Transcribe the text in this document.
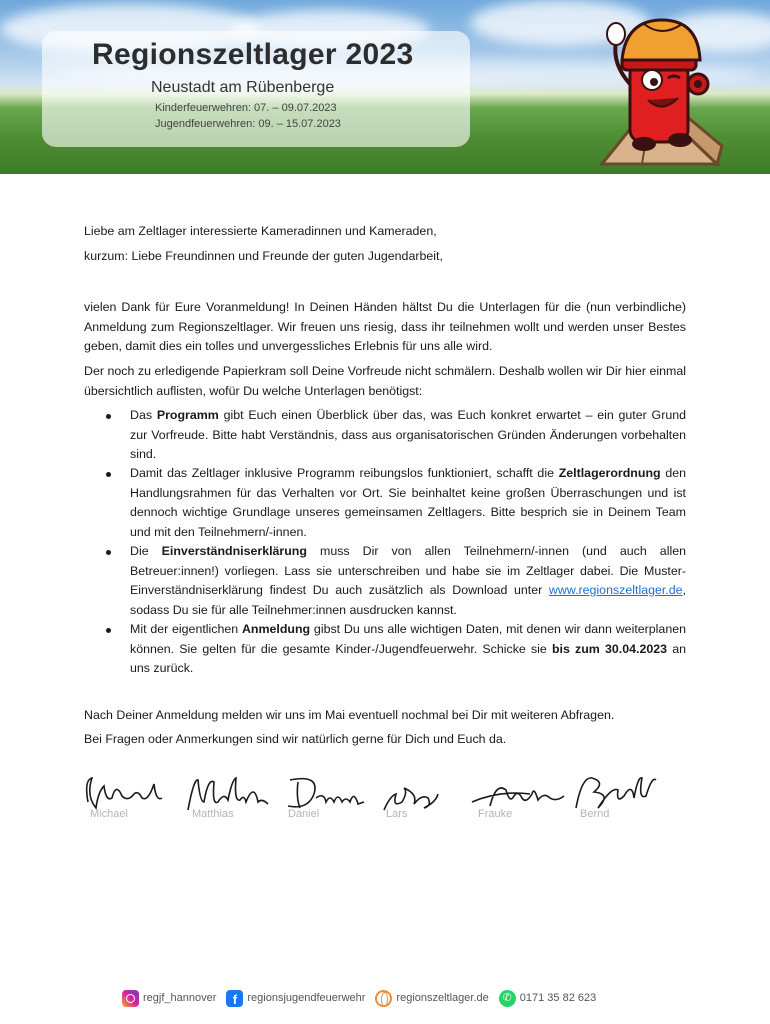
Regionszeltlager 2023
Neustadt am Rübenberge
Kinderfeuerwehren: 07. – 09.07.2023
Jugendfeuerwehren: 09. – 15.07.2023

Liebe am Zeltlager interessierte Kameradinnen und Kameraden,

kurzum: Liebe Freundinnen und Freunde der guten Jugendarbeit,

vielen Dank für Eure Voranmeldung! In Deinen Händen hältst Du die Unterlagen für die (nun verbindliche) Anmeldung zum Regionszeltlager. Wir freuen uns riesig, dass ihr teilnehmen wollt und werden unser Bestes geben, damit dies ein tolles und unvergessliches Erlebnis für uns alle wird.

Der noch zu erledigende Papierkram soll Deine Vorfreude nicht schmälern. Deshalb wollen wir Dir hier einmal übersichtlich auflisten, wofür Du welche Unterlagen benötigst:

Das Programm gibt Euch einen Überblick über das, was Euch konkret erwartet – ein guter Grund zur Vorfreude. Bitte habt Verständnis, dass aus organisatorischen Gründen Änderungen vorbehalten sind.
Damit das Zeltlager inklusive Programm reibungslos funktioniert, schafft die Zeltlagerordnung den Handlungsrahmen für das Verhalten vor Ort. Sie beinhaltet keine großen Überraschungen und ist dennoch wichtige Grundlage unseres gemeinsamen Zeltlagers. Bitte besprich sie in Deinem Team und mit den Teilnehmern/-innen.
Die Einverständniserklärung muss Dir von allen Teilnehmern/-innen (und auch allen Betreuer:innen!) vorliegen. Lass sie unterschreiben und habe sie im Zeltlager dabei. Die Muster-Einverständniserklärung findest Du auch zusätzlich als Download unter www.regionszeltlager.de, sodass Du sie für alle Teilnehmer:innen ausdrucken kannst.
Mit der eigentlichen Anmeldung gibst Du uns alle wichtigen Daten, mit denen wir dann weiterplanen können. Sie gelten für die gesamte Kinder-/Jugendfeuerwehr. Schicke sie bis zum 30.04.2023 an uns zurück.

Nach Deiner Anmeldung melden wir uns im Mai eventuell nochmal bei Dir mit weiteren Abfragen.

Bei Fragen oder Anmerkungen sind wir natürlich gerne für Dich und Euch da.

Michael	Matthias	Daniel	Lars	Frauke	Bernd
regjf_hannover	f regionsjugendfeuerwehr	regionszeltlager.de	✆ 0171 35 82 623
